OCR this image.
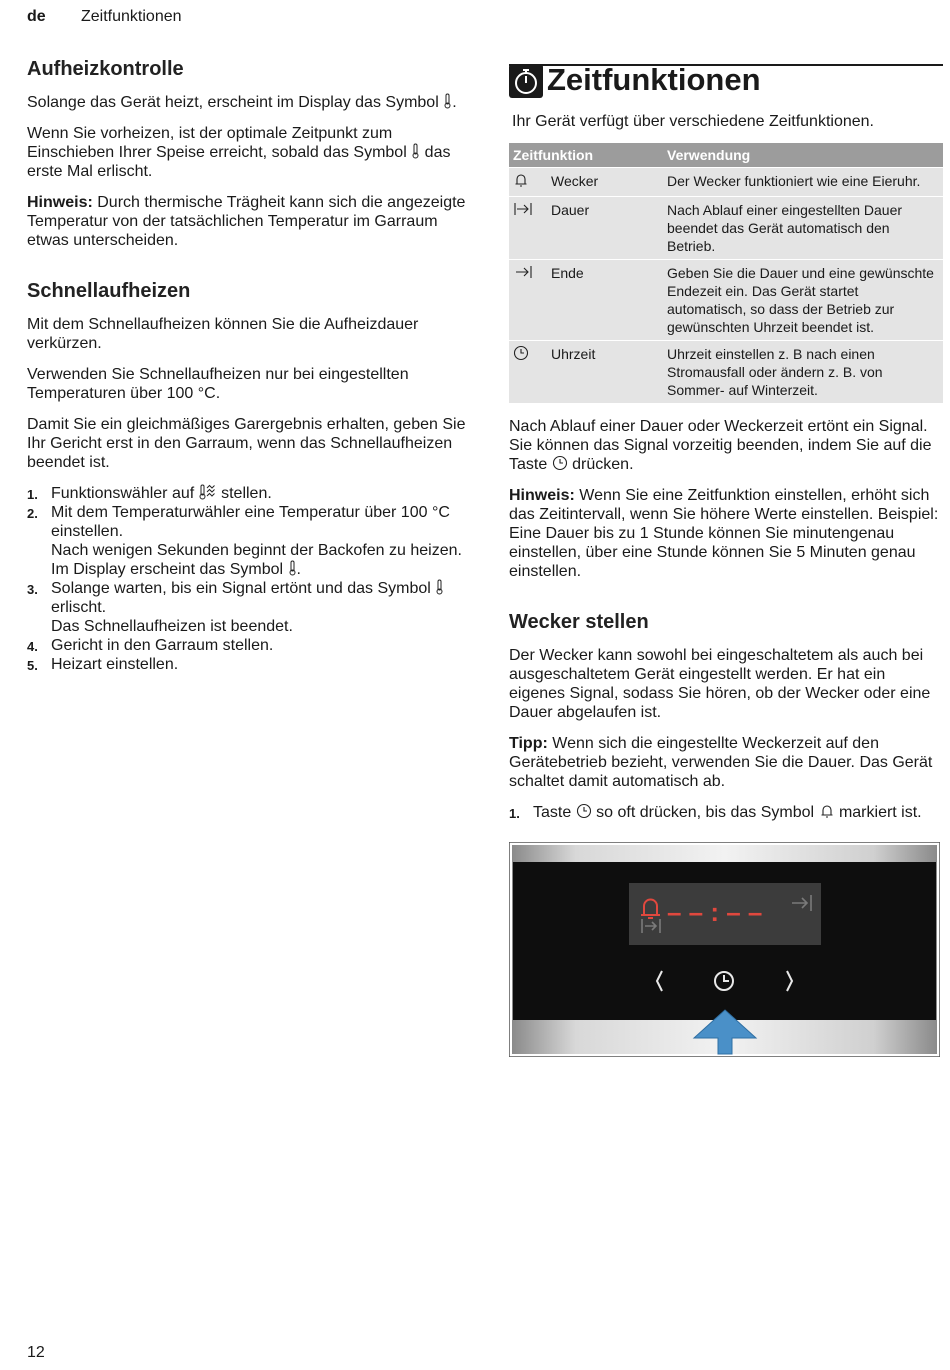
de Zeitfunktionen
Aufheizkontrolle

Solange das Gerät heizt, erscheint im Display das Symbol .

Wenn Sie vorheizen, ist der optimale Zeitpunkt zum Einschieben Ihrer Speise erreicht, sobald das Symbol das erste Mal erlischt.

Hinweis: Durch thermische Trägheit kann sich die angezeigte Temperatur von der tatsächlichen Temperatur im Garraum etwas unterscheiden.

Schnellaufheizen

Mit dem Schnellaufheizen können Sie die Aufheizdauer verkürzen.

Verwenden Sie Schnellaufheizen nur bei eingestellten Temperaturen über 100 °C.

Damit Sie ein gleichmäßiges Garergebnis erhalten, geben Sie Ihr Gericht erst in den Garraum, wenn das Schnellaufheizen beendet ist.

1. Funktionswähler auf stellen.
2. Mit dem Temperaturwähler eine Temperatur über 100 °C einstellen.
Nach wenigen Sekunden beginnt der Backofen zu heizen. Im Display erscheint das Symbol .
3. Solange warten, bis ein Signal ertönt und das Symbol  erlischt.
Das Schnellaufheizen ist beendet.
4. Gericht in den Garraum stellen.
5. Heizart einstellen.
Zeitfunktionen

Ihr Gerät verfügt über verschiedene Zeitfunktionen.

Zeitfunktion		Verwendung
	Wecker	Der Wecker funktioniert wie eine Eieruhr.
	Dauer	Nach Ablauf einer eingestellten Dauer beendet das Gerät automatisch den Betrieb.
	Ende	Geben Sie die Dauer und eine gewünschte Endezeit ein. Das Gerät startet automatisch, so dass der Betrieb zur gewünschten Uhrzeit beendet ist.
	Uhrzeit	Uhrzeit einstellen z. B nach einen Stromausfall oder ändern z. B. von Sommer- auf Winterzeit.

Nach Ablauf einer Dauer oder Weckerzeit ertönt ein Signal. Sie können das Signal vorzeitig beenden, indem Sie auf die Taste drücken.

Hinweis: Wenn Sie eine Zeitfunktion einstellen, erhöht sich das Zeitintervall, wenn Sie höhere Werte einstellen. Beispiel: Eine Dauer bis zu 1 Stunde können Sie minutengenau einstellen, über eine Stunde können Sie 5 Minuten genau einstellen.

Wecker stellen

Der Wecker kann sowohl bei eingeschaltetem als auch bei ausgeschaltetem Gerät eingestellt werden. Er hat ein eigenes Signal, sodass Sie hören, ob der Wecker oder eine Dauer abgelaufen ist.

Tipp: Wenn sich die eingestellte Weckerzeit auf den Gerätebetrieb bezieht, verwenden Sie die Dauer. Das Gerät schaltet damit automatisch ab.

1. Taste so oft drücken, bis das Symbol markiert ist.
– – : – –
12
